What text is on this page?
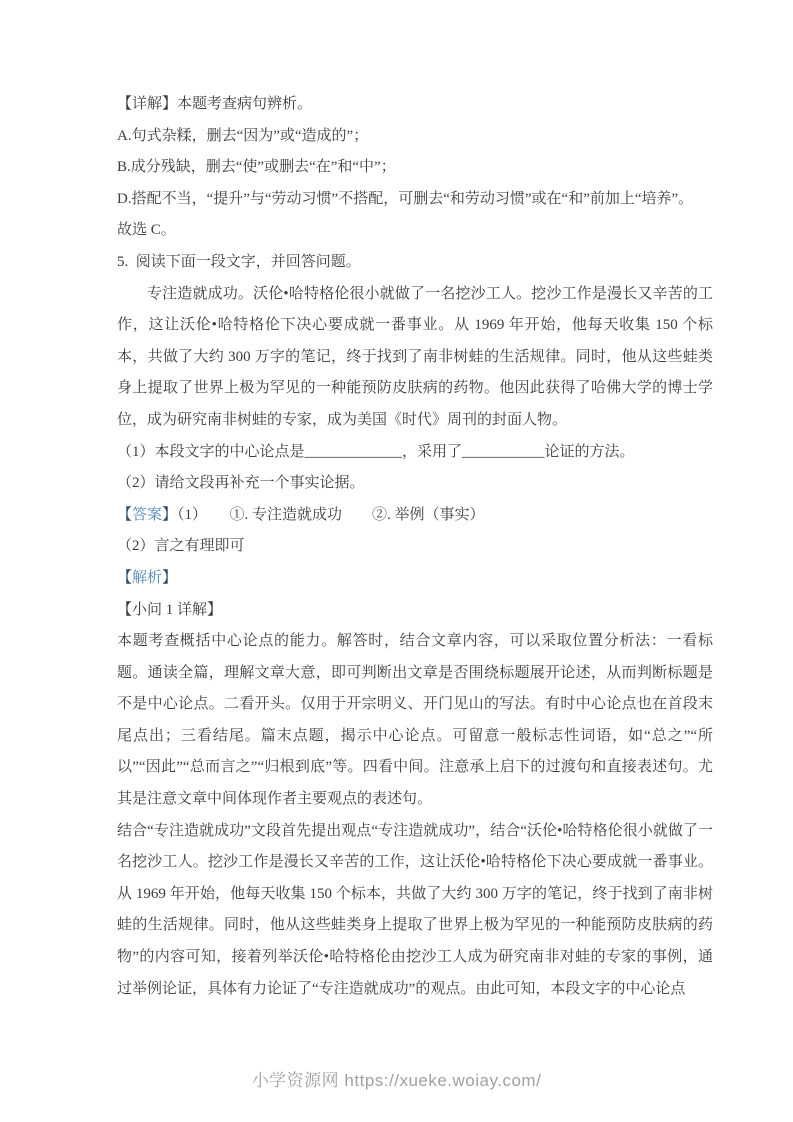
【详解】本题考查病句辨析。

A.句式杂糅，删去“因为”或“造成的”；

B.成分残缺，删去“使”或删去“在”和“中”；

D.搭配不当，“提升”与“劳动习惯”不搭配，可删去“和劳动习惯”或在“和”前加上“培养”。

故选 C。

5. 阅读下面一段文字，并回答问题。

专注造就成功。沃伦•哈特格伦很小就做了一名挖沙工人。挖沙工作是漫长又辛苦的工作，这让沃伦•哈特格伦下决心要成就一番事业。从 1969 年开始，他每天收集 150 个标本，共做了大约 300 万字的笔记，终于找到了南非树蛙的生活规律。同时，他从这些蛙类身上提取了世界上极为罕见的一种能预防皮肤病的药物。他因此获得了哈佛大学的博士学位，成为研究南非树蛙的专家，成为美国《时代》周刊的封面人物。

（1）本段文字的中心论点是_____________，采用了___________论证的方法。

（2）请给文段再补充一个事实论据。

【答案】（1）　　①. 专注造就成功　　②. 举例（事实）

（2）言之有理即可

【解析】

【小问 1 详解】

本题考查概括中心论点的能力。解答时，结合文章内容，可以采取位置分析法：一看标题。通读全篇，理解文章大意，即可判断出文章是否围绕标题展开论述，从而判断标题是不是中心论点。二看开头。仅用于开宗明义、开门见山的写法。有时中心论点也在首段末尾点出；三看结尾。篇末点题，揭示中心论点。可留意一般标志性词语，如“总之”“所以”“因此”“总而言之”“归根到底”等。四看中间。注意承上启下的过渡句和直接表述句。尤其是注意文章中间体现作者主要观点的表述句。

结合“专注造就成功”文段首先提出观点“专注造就成功”，结合“沃伦•哈特格伦很小就做了一名挖沙工人。挖沙工作是漫长又辛苦的工作，这让沃伦•哈特格伦下决心要成就一番事业。从 1969 年开始，他每天收集 150 个标本，共做了大约 300 万字的笔记，终于找到了南非树蛙的生活规律。同时，他从这些蛙类身上提取了世界上极为罕见的一种能预防皮肤病的药物”的内容可知，接着列举沃伦•哈特格伦由挖沙工人成为研究南非对蛙的专家的事例，通过举例论证，具体有力论证了“专注造就成功”的观点。由此可知，本段文字的中心论点

小学资源网 https://xueke.woiay.com/
